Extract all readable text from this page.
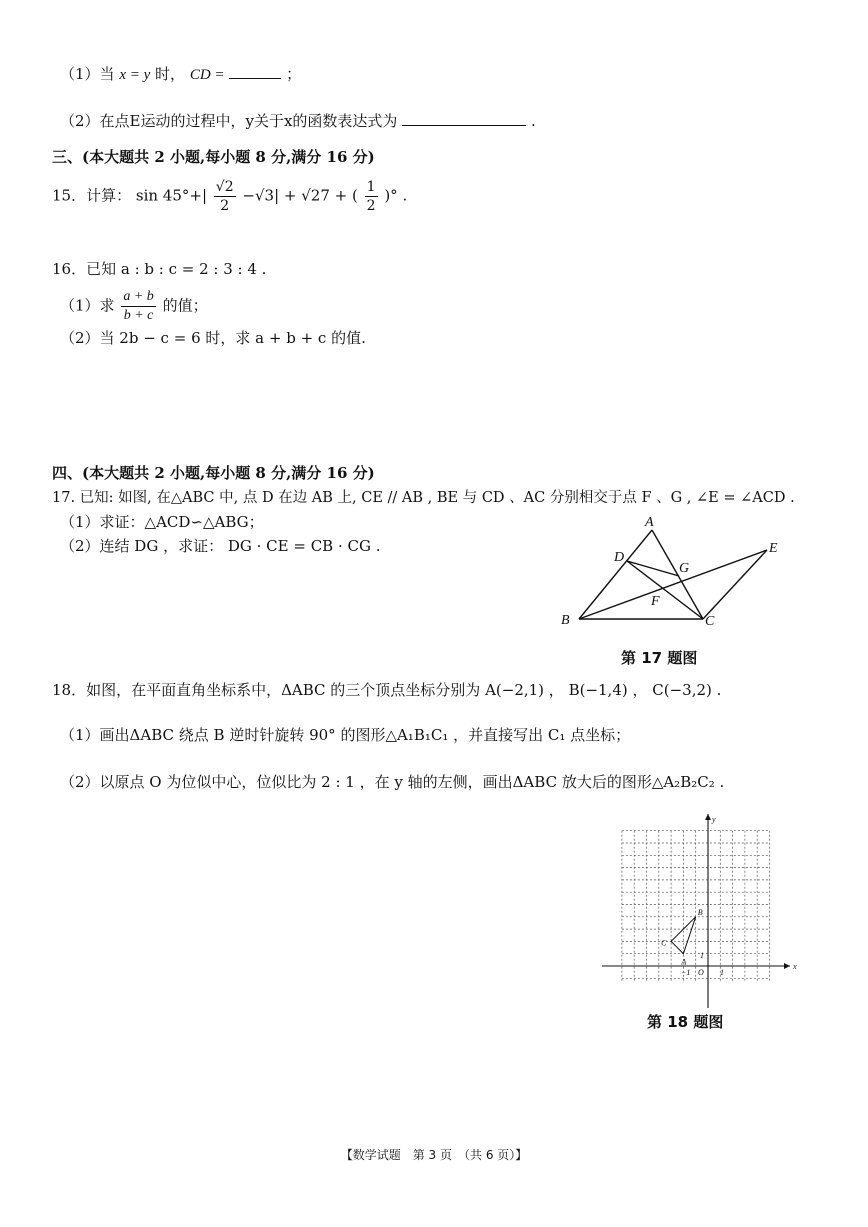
（1）当 x = y 时， CD =	；
（2）在点E运动的过程中，y关于x的函数表达式为	.
三、(本大题共 2 小题,每小题 8 分,满分 16 分)
15．计算： $\sin 45^\circ+| \frac{√2}{2} -√3| + √27$ + ( $\frac{1}{2}$ )° .
16．已知 a : b : c = 2 : 3 : 4 .
（1）求 $\frac{a + b}{b + c}$ 的值；
（2）当 2b − c = 6 时，求 a + b + c 的值.
四、(本大题共 2 小题,每小题 8 分,满分 16 分)
17. 已知: 如图, 在△ABC 中, 点 D 在边 AB 上, CE // AB , BE 与 CD 、AC 分别相交于点 F 、G , ∠E = ∠ACD .
（1）求证：△ACD∽△ABG；
（2）连结 DG ，求证： DG · CE = CB · CG .
A
B	C
D
E
F
G
第 17 题图
18．如图，在平面直角坐标系中，ΔABC 的三个顶点坐标分别为 A(−2,1) ， B(−1,4) ， C(−3,2) .
（1）画出ΔABC 绕点 B 逆时针旋转 90° 的图形△A₁B₁C₁ ，并直接写出 C₁ 点坐标；
（2）以原点 O 为位似中心，位似比为 2 : 1 ，在 y 轴的左侧，画出ΔABC 放大后的图形△A₂B₂C₂ .
x
y
O 1
−1
1
A
B
C
第 18 题图
【数学试题　第 3 页　（共 6 页）】
